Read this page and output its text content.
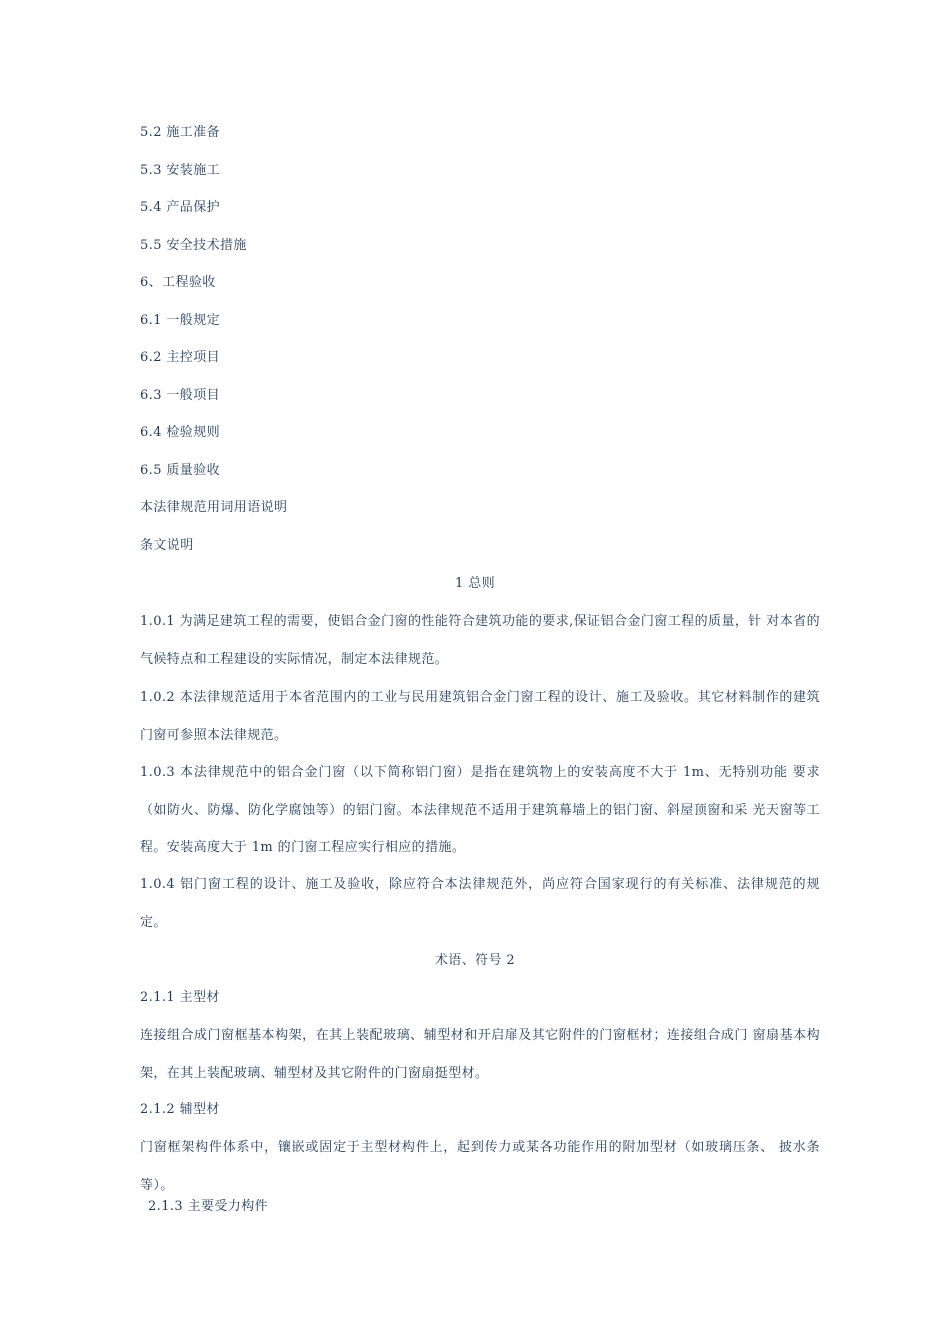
5.2 施工准备
5.3 安装施工
5.4 产品保护
5.5 安全技术措施
6、工程验收
6.1 一般规定
6.2 主控项目
6.3 一般项目
6.4 检验规则
6.5 质量验收
本法律规范用词用语说明
条文说明
1 总则
1.0.1 为满足建筑工程的需要，使铝合金门窗的性能符合建筑功能的要求,保证铝合金门窗工程的质量，针 对本省的气候特点和工程建设的实际情况，制定本法律规范。
1.0.2 本法律规范适用于本省范围内的工业与民用建筑铝合金门窗工程的设计、施工及验收。其它材料制作的建筑门窗可参照本法律规范。
1.0.3 本法律规范中的铝合金门窗（以下简称铝门窗）是指在建筑物上的安装高度不大于 1m、无特别功能 要求（如防火、防爆、防化学腐蚀等）的铝门窗。本法律规范不适用于建筑幕墙上的铝门窗、斜屋顶窗和采 光天窗等工程。安装高度大于 1m 的门窗工程应实行相应的措施。
1.0.4 铝门窗工程的设计、施工及验收，除应符合本法律规范外，尚应符合国家现行的有关标准、法律规范的规定。
术语、符号 2
2.1.1 主型材
连接组合成门窗框基本构架，在其上装配玻璃、辅型材和开启扉及其它附件的门窗框材；连接组合成门 窗扇基本构架，在其上装配玻璃、辅型材及其它附件的门窗扇挺型材。
2.1.2 辅型材
门窗框架构件体系中，镶嵌或固定于主型材构件上，起到传力或某各功能作用的附加型材（如玻璃压条、 披水条等）。
2.1.3 主要受力构件
